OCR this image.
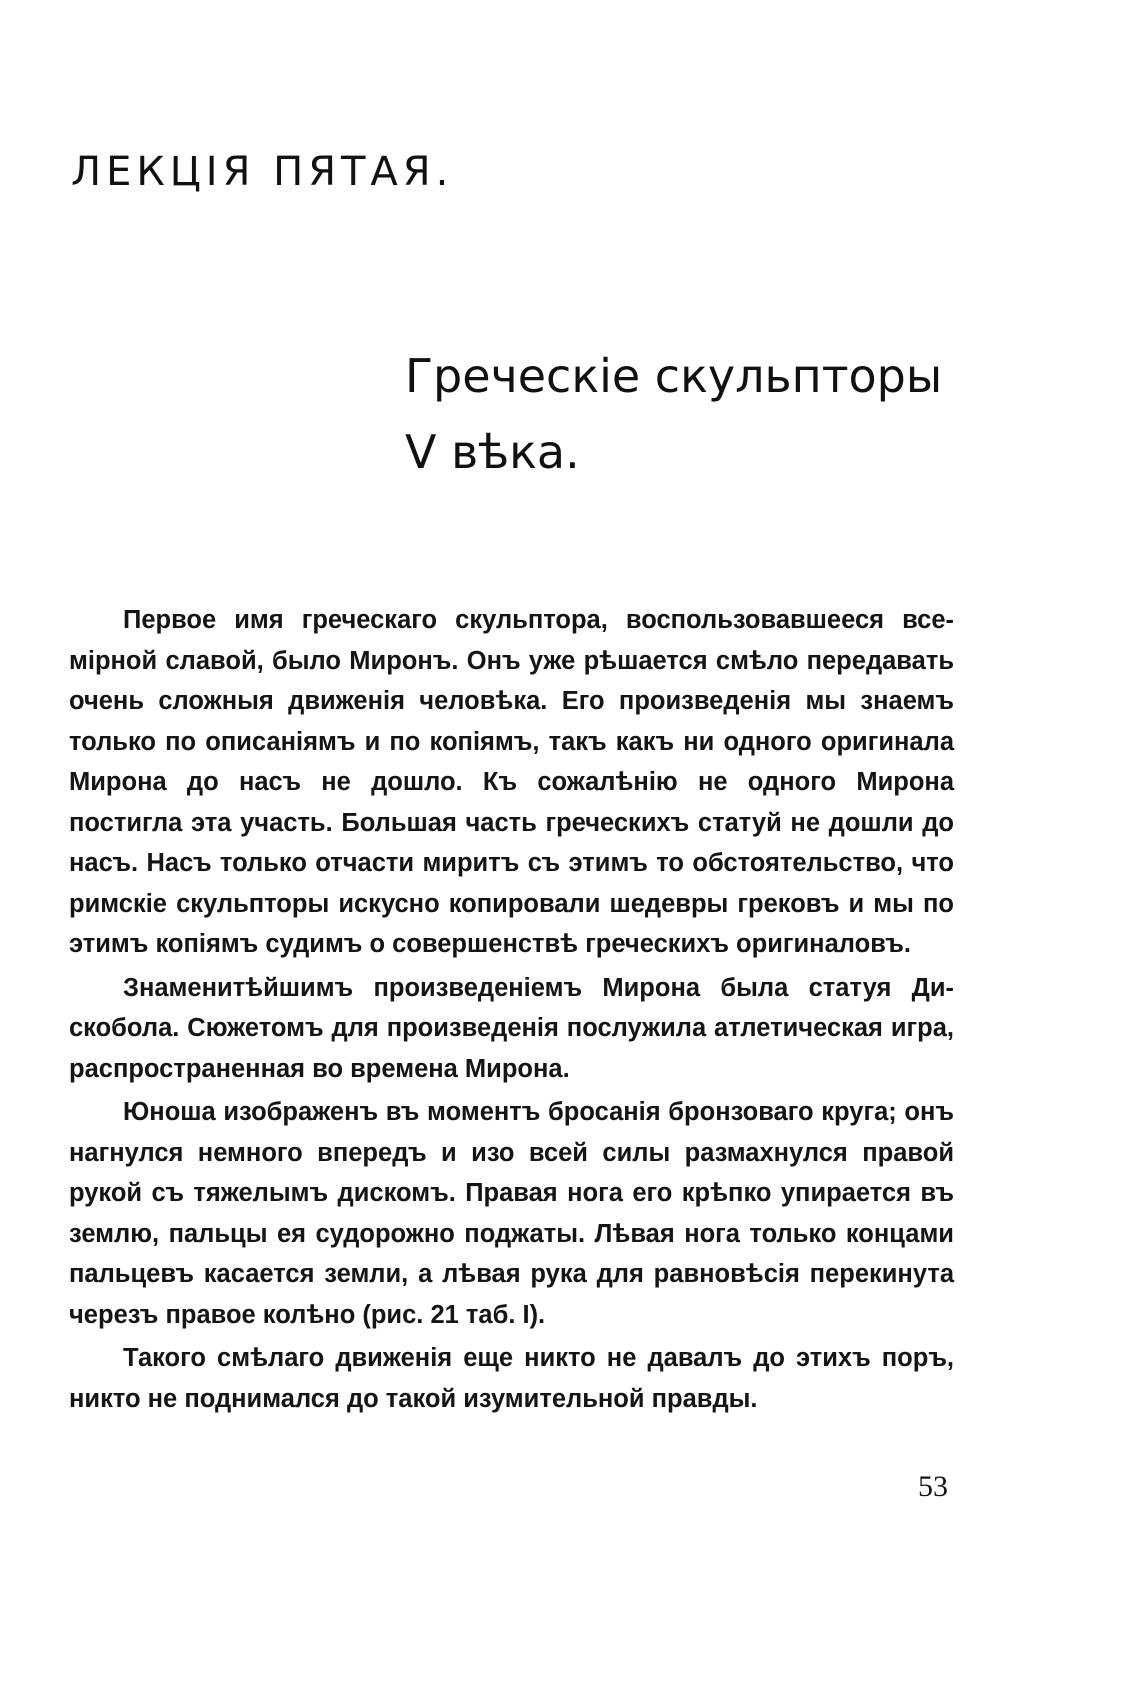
ЛЕКЦІЯ ПЯТАЯ.
Греческіе скульпторы
V вѣка.

Первое имя греческаго скульптора, воспользовавшееся всемірной славой, было Миронъ. Онъ уже рѣшается смѣло передавать очень сложныя движенія человѣка. Его произведенія мы знаемъ только по описаніямъ и по копіямъ, такъ какъ ни одного оригинала Мирона до насъ не дошло. Къ сожалѣнію не одного Мирона постигла эта участь. Большая часть греческихъ статуй не дошли до насъ. Насъ только отчасти миритъ съ этимъ то обстоятельство, что римскіе скульпторы искусно копировали шедевры грековъ и мы по этимъ копіямъ судимъ о совершенствѣ греческихъ оригиналовъ.

Знаменитѣйшимъ произведеніемъ Мирона была статуя Дискобола. Сюжетомъ для произведенія послужила атлетическая игра, распространенная во времена Мирона.

Юноша изображенъ въ моментъ бросанія бронзоваго круга; онъ нагнулся немного впередъ и изо всей силы размахнулся правой рукой съ тяжелымъ дискомъ. Правая нога его крѣпко упирается въ землю, пальцы ея судорожно поджаты. Лѣвая нога только концами пальцевъ касается земли, а лѣвая рука для равновѣсія перекинута черезъ правое колѣно (рис. 21 таб. I).

Такого смѣлаго движенія еще никто не давалъ до этихъ поръ, никто не поднимался до такой изумительной правды.

53
